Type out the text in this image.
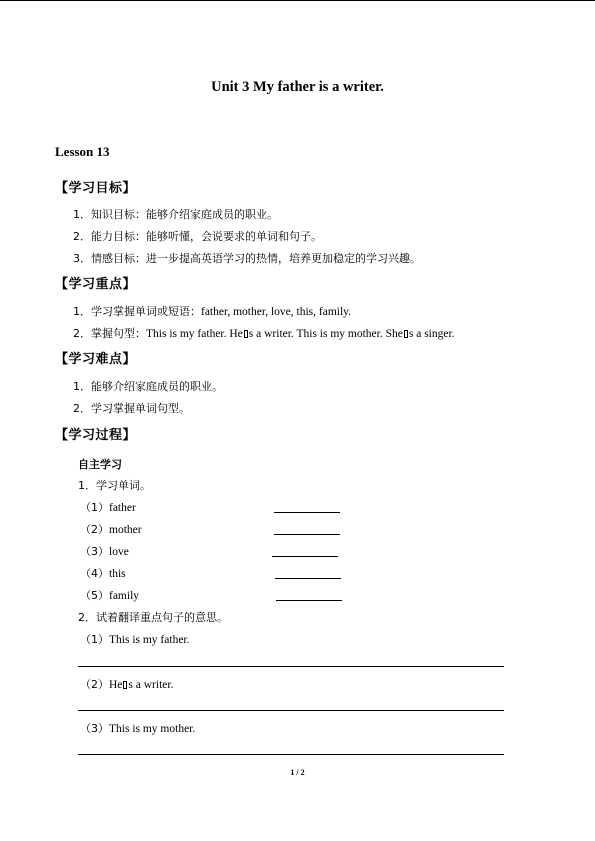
Unit 3 My father is a writer.
Lesson 13
【学习目标】
1．知识目标：能够介绍家庭成员的职业。
2．能力目标：能够听懂，会说要求的单词和句子。
3．情感目标：进一步提高英语学习的热情，培养更加稳定的学习兴趣。
【学习重点】
1．学习掌握单词或短语：father, mother, love, this, family.
2．掌握句型：This is my father. He s a writer. This is my mother. She s a singer.
【学习难点】
1．能够介绍家庭成员的职业。
2．学习掌握单词句型。
【学习过程】
自主学习
1．学习单词。
（1）father
（2）mother
（3）love
（4）this
（5）family
2．试着翻译重点句子的意思。
（1）This is my father.
（2）He s a writer.
（3）This is my mother.
1 / 2
